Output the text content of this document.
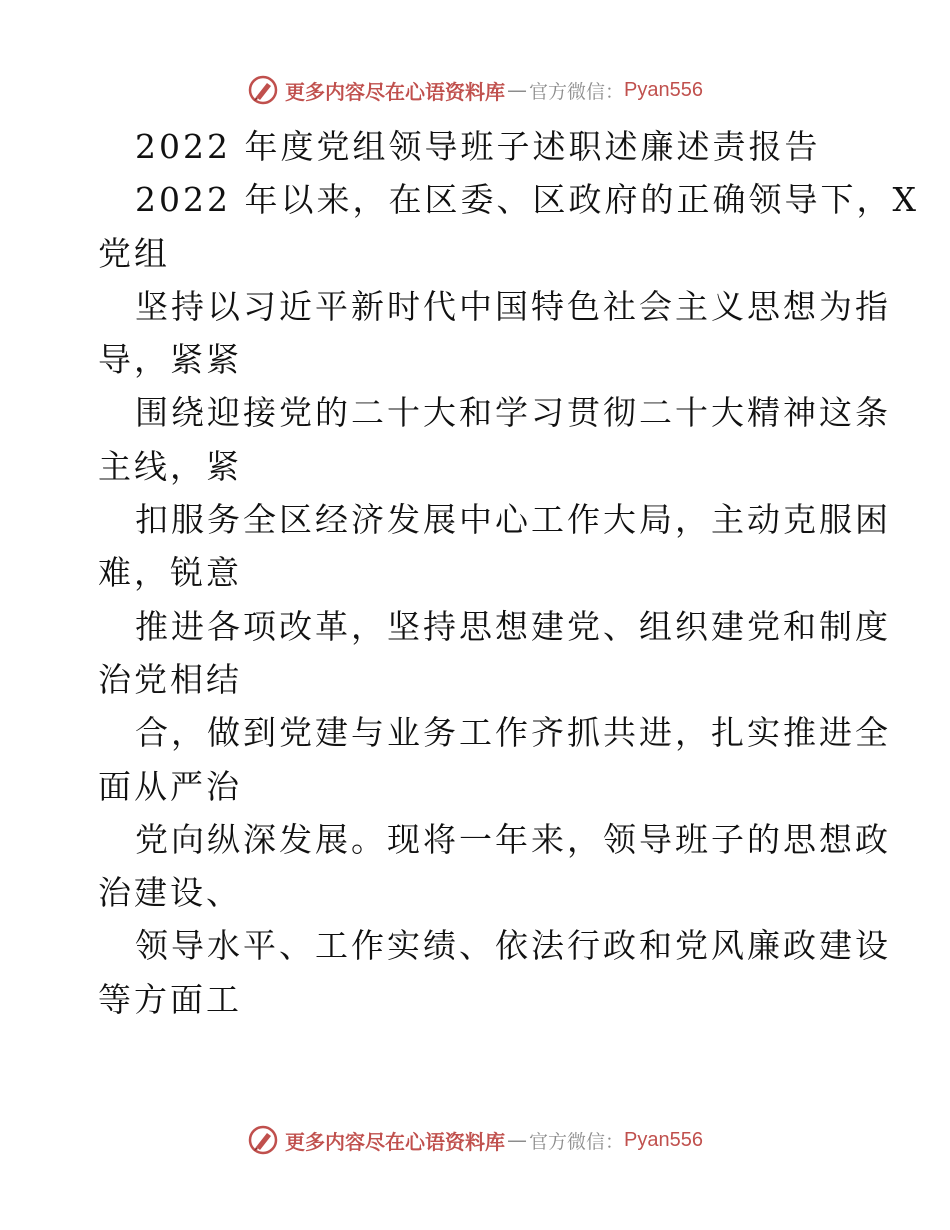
更多内容尽在心语资料库 — 官方微信： Pyan556
2022 年度党组领导班子述职述廉述责报告
2022 年以来，在区委、区政府的正确领导下，X
党组
坚持以习近平新时代中国特色社会主义思想为指
导，紧紧
围绕迎接党的二十大和学习贯彻二十大精神这条
主线，紧
扣服务全区经济发展中心工作大局，主动克服困
难，锐意
推进各项改革，坚持思想建党、组织建党和制度
治党相结
合，做到党建与业务工作齐抓共进，扎实推进全
面从严治
党向纵深发展。现将一年来，领导班子的思想政
治建设、
领导水平、工作实绩、依法行政和党风廉政建设
等方面工
更多内容尽在心语资料库 — 官方微信： Pyan556
